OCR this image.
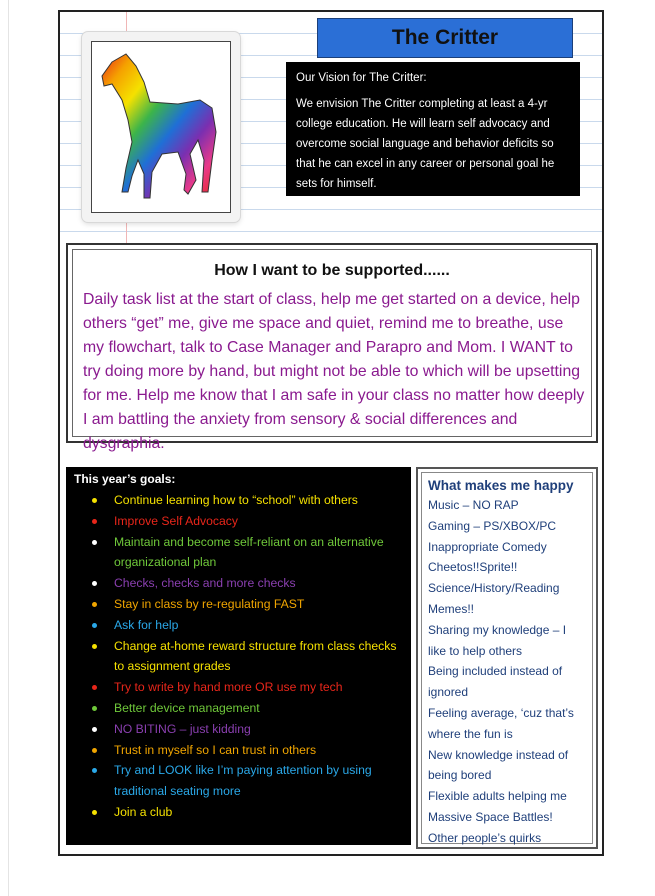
The Critter
Our Vision for The Critter:
We envision The Critter completing at least a 4-yr college education. He will learn self advocacy and overcome social language and behavior deficits so that he can excel in any career or personal goal he sets for himself.
How I want to be supported......
Daily task list at the start of class, help me get started on a device, help others “get” me, give me space and quiet, remind me to breathe, use my flowchart, talk to Case Manager and Parapro and Mom. I WANT to try doing more by hand, but might not be able to which will be upsetting for me. Help me know that I am safe in your class no matter how deeply I am battling the anxiety from sensory & social differences and dysgraphia.
This year’s goals:
Continue learning how to “school” with others
Improve Self Advocacy
Maintain and become self-reliant on an alternative organizational plan
Checks, checks and more checks
Stay in class by re-regulating FAST
Ask for help
Change at-home reward structure from class checks to assignment grades
Try to write by hand more OR use my tech
Better device management
NO BITING – just kidding
Trust in myself so I can trust in others
Try and LOOK like I’m paying attention by using traditional seating more
Join a club
What makes me happy
Music – NO RAP
Gaming – PS/XBOX/PC
Inappropriate Comedy
Cheetos!!Sprite!!
Science/History/Reading
Memes!!
Sharing my knowledge – I like to help others
Being included instead of ignored
Feeling average, ‘cuz that’s where the fun is
New knowledge instead of being bored
Flexible adults helping me
Massive Space Battles!
Other people’s quirks
